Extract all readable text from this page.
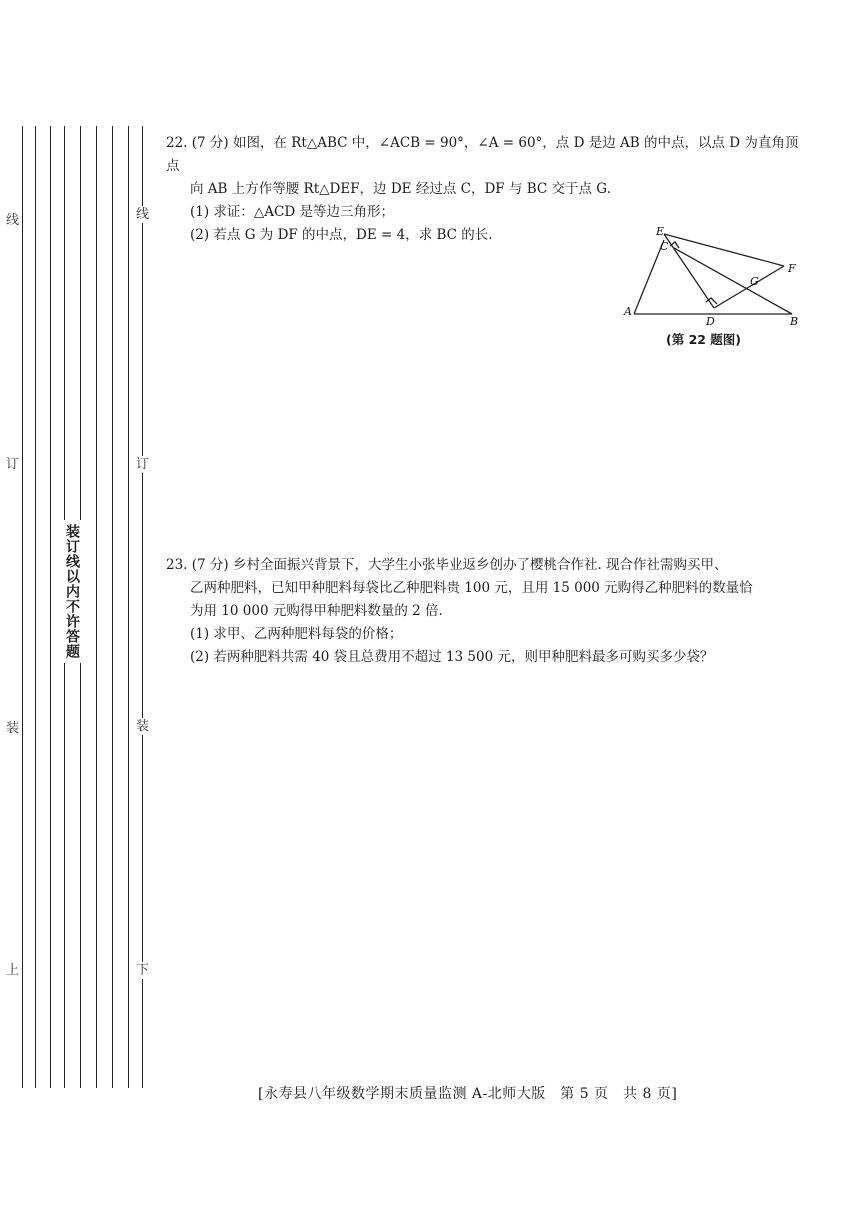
线
订
装
上
线
订
装
下
装订线以内不许答题

22. (7 分) 如图，在 Rt△ABC 中，∠ACB = 90°，∠A = 60°，点 D 是边 AB 的中点，以点 D 为直角顶点

向 AB 上方作等腰 Rt△DEF，边 DE 经过点 C，DF 与 BC 交于点 G.

(1) 求证：△ACD 是等边三角形；

(2) 若点 G 为 DF 的中点，DE = 4，求 BC 的长.	E
C
F
G
A
D	B
(第 22 题图)

23. (7 分) 乡村全面振兴背景下，大学生小张毕业返乡创办了樱桃合作社. 现合作社需购买甲、

乙两种肥料，已知甲种肥料每袋比乙种肥料贵 100 元，且用 15 000 元购得乙种肥料的数量恰

为用 10 000 元购得甲种肥料数量的 2 倍.

(1) 求甲、乙两种肥料每袋的价格；

(2) 若两种肥料共需 40 袋且总费用不超过 13 500 元，则甲种肥料最多可购买多少袋？

[永寿县八年级数学期末质量监测 A-北师大版　第 5 页　共 8 页]
